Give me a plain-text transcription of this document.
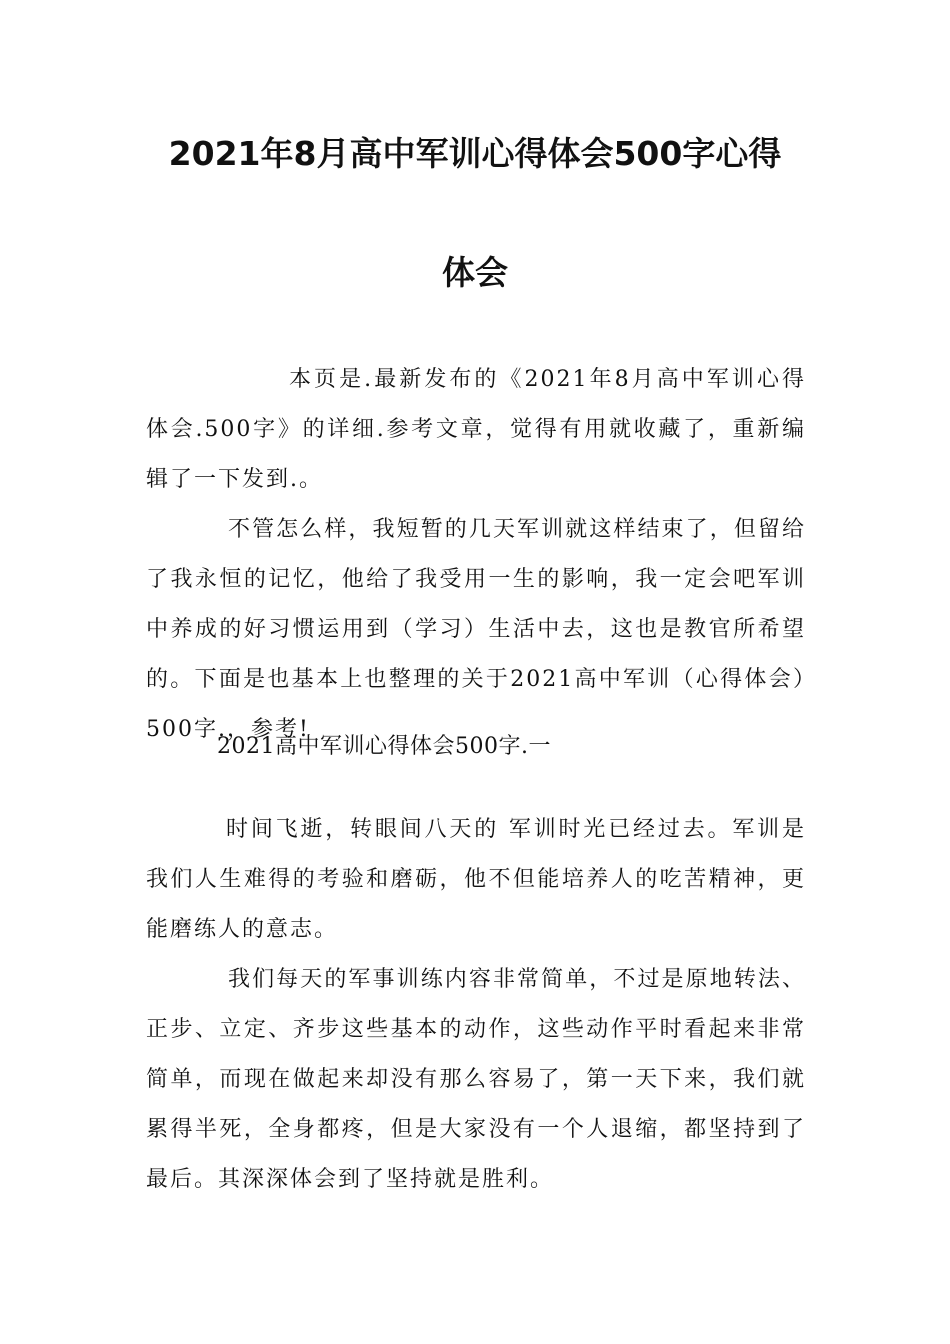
2021年8月高中军训心得体会500字心得
体会
本页是.最新发布的《2021年8月高中军训心得体会.500字》的详细.参考文章，觉得有用就收藏了，重新编辑了一下发到.。
不管怎么样，我短暂的几天军训就这样结束了，但留给了我永恒的记忆，他给了我受用一生的影响，我一定会吧军训中养成的好习惯运用到（学习）生活中去，这也是教官所希望的。下面是也基本上也整理的关于2021高中军训（心得体会）500字.，参考!
2021高中军训心得体会500字.一
时间飞逝，转眼间八天的 军训时光已经过去。军训是我们人生难得的考验和磨砺，他不但能培养人的吃苦精神，更能磨练人的意志。
我们每天的军事训练内容非常简单，不过是原地转法、正步、立定、齐步这些基本的动作，这些动作平时看起来非常简单，而现在做起来却没有那么容易了，第一天下来，我们就累得半死，全身都疼，但是大家没有一个人退缩，都坚持到了最后。其深深体会到了坚持就是胜利。
